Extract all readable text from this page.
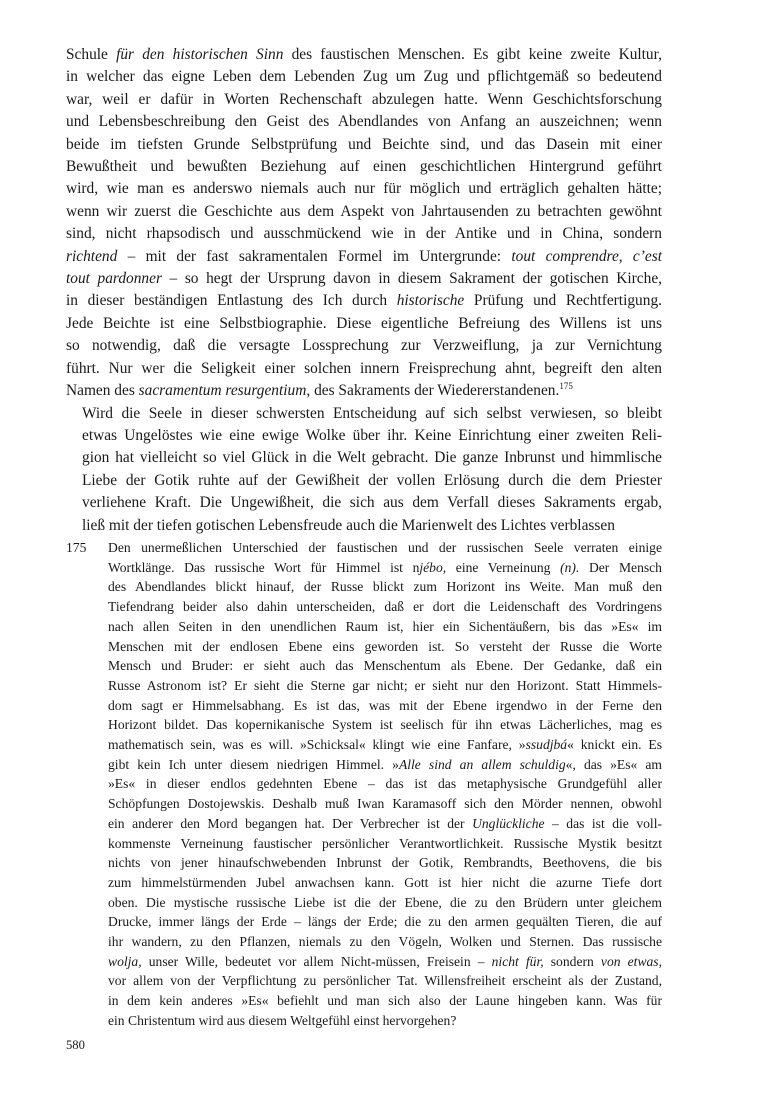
Schule für den historischen Sinn des faustischen Menschen. Es gibt keine zweite Kultur,
in welcher das eigne Leben dem Lebenden Zug um Zug und pflichtgemäß so bedeutend
war, weil er dafür in Worten Rechenschaft abzulegen hatte. Wenn Geschichtsforschung
und Lebensbeschreibung den Geist des Abendlandes von Anfang an auszeichnen; wenn
beide im tiefsten Grunde Selbstprüfung und Beichte sind, und das Dasein mit einer
Bewußtheit und bewußten Beziehung auf einen geschichtlichen Hintergrund geführt
wird, wie man es anderswo niemals auch nur für möglich und erträglich gehalten hätte;
wenn wir zuerst die Geschichte aus dem Aspekt von Jahrtausenden zu betrachten gewöhnt
sind, nicht rhapsodisch und ausschmückend wie in der Antike und in China, sondern
richtend – mit der fast sakramentalen Formel im Untergrunde: tout comprendre, c’est
tout pardonner – so hegt der Ursprung davon in diesem Sakrament der gotischen Kirche,
in dieser beständigen Entlastung des Ich durch historische Prüfung und Rechtfertigung.
Jede Beichte ist eine Selbstbiographie. Diese eigentliche Befreiung des Willens ist uns
so notwendig, daß die versagte Lossprechung zur Verzweiflung, ja zur Vernichtung
führt. Nur wer die Seligkeit einer solchen innern Freisprechung ahnt, begreift den alten
Namen des sacramentum resurgentium, des Sakraments der Wiedererstandenen.$^{175}$

Wird die Seele in dieser schwersten Entscheidung auf sich selbst verwiesen, so bleibt
etwas Ungelöstes wie eine ewige Wolke über ihr. Keine Einrichtung einer zweiten Reli-
gion hat vielleicht so viel Glück in die Welt gebracht. Die ganze Inbrunst und himmlische
Liebe der Gotik ruhte auf der Gewißheit der vollen Erlösung durch die dem Priester
verliehene Kraft. Die Ungewißheit, die sich aus dem Verfall dieses Sakraments ergab,
ließ mit der tiefen gotischen Lebensfreude auch die Marienwelt des Lichtes verblassen

175	Den unermeßlichen Unterschied der faustischen und der russischen Seele verraten einige
Wortklänge. Das russische Wort für Himmel ist njébo, eine Verneinung (n). Der Mensch
des Abendlandes blickt hinauf, der Russe blickt zum Horizont ins Weite. Man muß den
Tiefendrang beider also dahin unterscheiden, daß er dort die Leidenschaft des Vordringens
nach allen Seiten in den unendlichen Raum ist, hier ein Sichentäußern, bis das »Es« im
Menschen mit der endlosen Ebene eins geworden ist. So versteht der Russe die Worte
Mensch und Bruder: er sieht auch das Menschentum als Ebene. Der Gedanke, daß ein
Russe Astronom ist? Er sieht die Sterne gar nicht; er sieht nur den Horizont. Statt Himmels-
dom sagt er Himmelsabhang. Es ist das, was mit der Ebene irgendwo in der Ferne den
Horizont bildet. Das kopernikanische System ist seelisch für ihn etwas Lächerliches, mag es
mathematisch sein, was es will. »Schicksal« klingt wie eine Fanfare, »ssudjbá« knickt ein. Es
gibt kein Ich unter diesem niedrigen Himmel. »Alle sind an allem schuldig«, das »Es« am
»Es« in dieser endlos gedehnten Ebene – das ist das metaphysische Grundgefühl aller
Schöpfungen Dostojewskis. Deshalb muß Iwan Karamasoff sich den Mörder nennen, obwohl
ein anderer den Mord begangen hat. Der Verbrecher ist der Unglückliche – das ist die voll-
kommenste Verneinung faustischer persönlicher Verantwortlichkeit. Russische Mystik besitzt
nichts von jener hinaufschwebenden Inbrunst der Gotik, Rembrandts, Beethovens, die bis
zum himmelstürmenden Jubel anwachsen kann. Gott ist hier nicht die azurne Tiefe dort
oben. Die mystische russische Liebe ist die der Ebene, die zu den Brüdern unter gleichem
Drucke, immer längs der Erde – längs der Erde; die zu den armen gequälten Tieren, die auf
ihr wandern, zu den Pflanzen, niemals zu den Vögeln, Wolken und Sternen. Das russische
wolja, unser Wille, bedeutet vor allem Nicht-müssen, Freisein – nicht für, sondern von etwas,
vor allem von der Verpflichtung zu persönlicher Tat. Willensfreiheit erscheint als der Zustand,
in dem kein anderes »Es« befiehlt und man sich also der Laune hingeben kann. Was für
ein Christentum wird aus diesem Weltgefühl einst hervorgehen?
580
